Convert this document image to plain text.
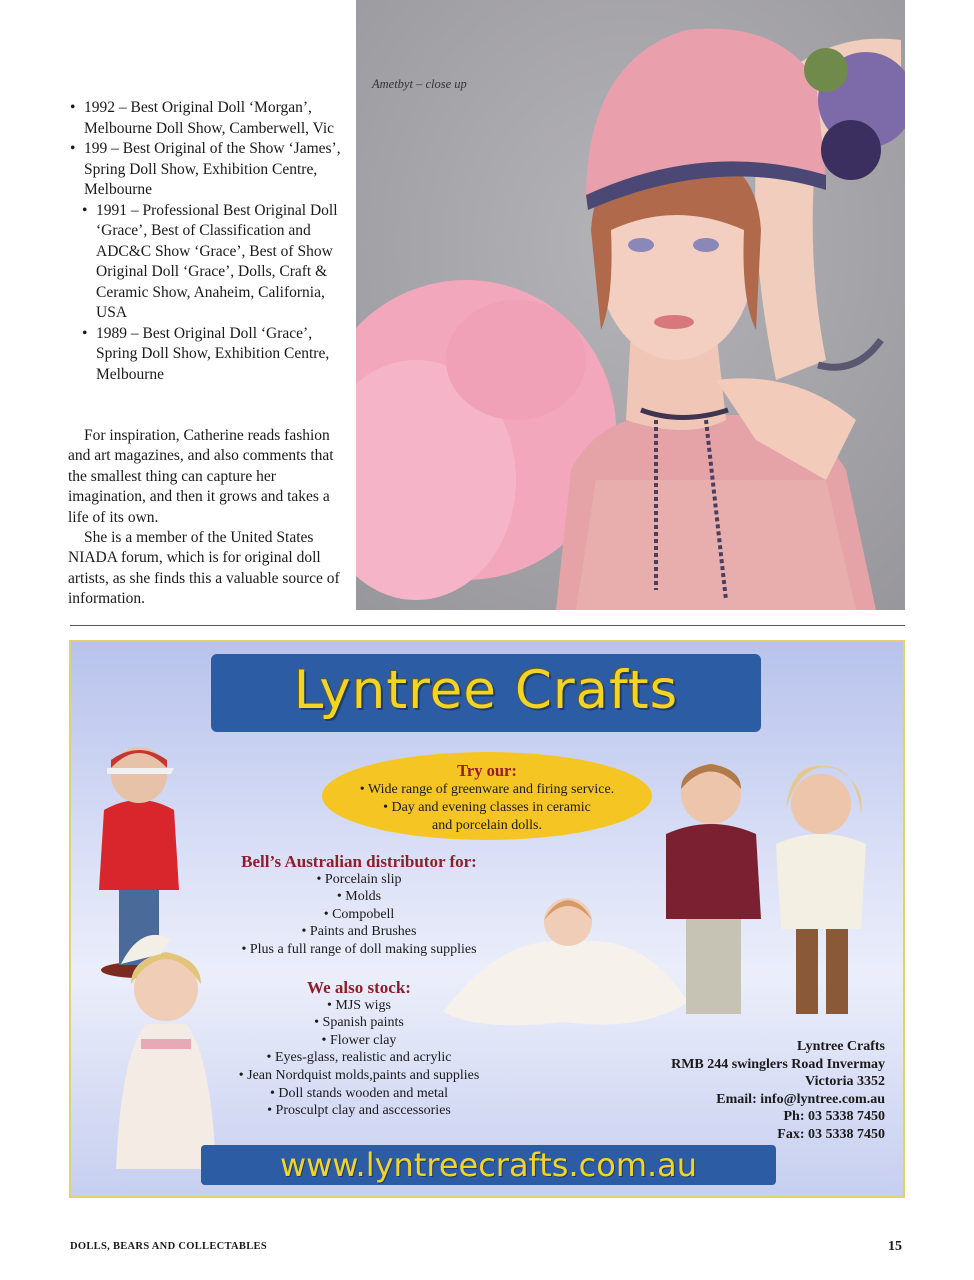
• 1992 – Best Original Doll ‘Morgan’, Melbourne Doll Show, Camberwell, Vic
• 199 – Best Original of the Show ‘James’, Spring Doll Show, Exhibition Centre, Melbourne
• 1991 – Professional Best Original Doll ‘Grace’, Best of Classification and ADC&C Show ‘Grace’, Best of Show Original Doll ‘Grace’, Dolls, Craft & Ceramic Show, Anaheim, California, USA
• 1989 – Best Original Doll ‘Grace’, Spring Doll Show, Exhibition Centre, Melbourne

For inspiration, Catherine reads fashion and art magazines, and also comments that the smallest thing can capture her imagination, and then it grows and takes a life of its own.

She is a member of the United States NIADA forum, which is for original doll artists, as she finds this a valuable source of information.

Ametbyt – close up
Lyntree Crafts
Try our:
• Wide range of greenware and firing service.
• Day and evening classes in ceramic
and porcelain dolls.
Bell’s Australian distributor for:
• Porcelain slip
• Molds
• Compobell
• Paints and Brushes
• Plus a full range of doll making supplies
We also stock:
• MJS wigs
• Spanish paints
• Flower clay
• Eyes-glass, realistic and acrylic
• Jean Nordquist molds,paints and supplies
• Doll stands wooden and metal
• Prosculpt clay and asccessories
Lyntree Crafts
RMB 244 swinglers Road Invermay
Victoria 3352
Email: info@lyntree.com.au
Ph: 03 5338 7450
Fax: 03 5338 7450
www.lyntreecrafts.com.au
DOLLS, BEARS AND COLLECTABLES	15
